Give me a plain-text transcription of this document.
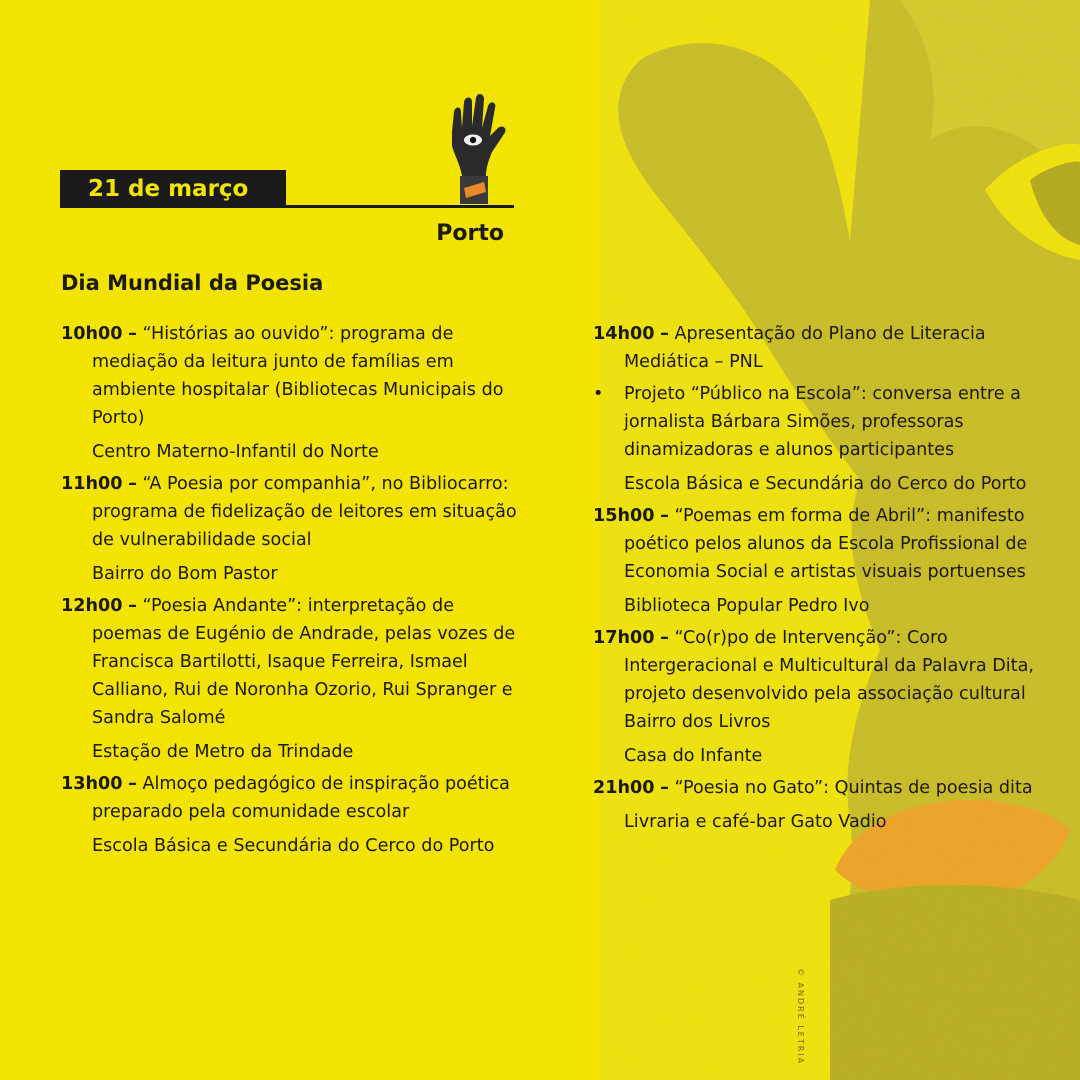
21 de março
Porto
Dia Mundial da Poesia

10h00 – “Histórias ao ouvido”: programa de mediação da leitura junto de famílias em ambiente hospitalar (Bibliotecas Municipais do Porto)

Centro Materno-Infantil do Norte

11h00 – “A Poesia por companhia”, no Bibliocarro: programa de fidelização de leitores em situação de vulnerabilidade social

Bairro do Bom Pastor

12h00 – “Poesia Andante”: interpretação de poemas de Eugénio de Andrade, pelas vozes de Francisca Bartilotti, Isaque Ferreira, Ismael Calliano, Rui de Noronha Ozorio, Rui Spranger e Sandra Salomé

Estação de Metro da Trindade

13h00 – Almoço pedagógico de inspiração poética preparado pela comunidade escolar

Escola Básica e Secundária do Cerco do Porto

14h00 – Apresentação do Plano de Literacia Mediática – PNL

• Projeto “Público na Escola”: conversa entre a jornalista Bárbara Simões, professoras dinamizadoras e alunos participantes

Escola Básica e Secundária do Cerco do Porto

15h00 – “Poemas em forma de Abril”: manifesto poético pelos alunos da Escola Profissional de Economia Social e artistas visuais portuenses

Biblioteca Popular Pedro Ivo

17h00 – “Co(r)po de Intervenção”: Coro Intergeracional e Multicultural da Palavra Dita, projeto desenvolvido pela associação cultural Bairro dos Livros

Casa do Infante

21h00 – “Poesia no Gato”: Quintas de poesia dita

Livraria e café-bar Gato Vadio

© ANDRÉ LETRIA
